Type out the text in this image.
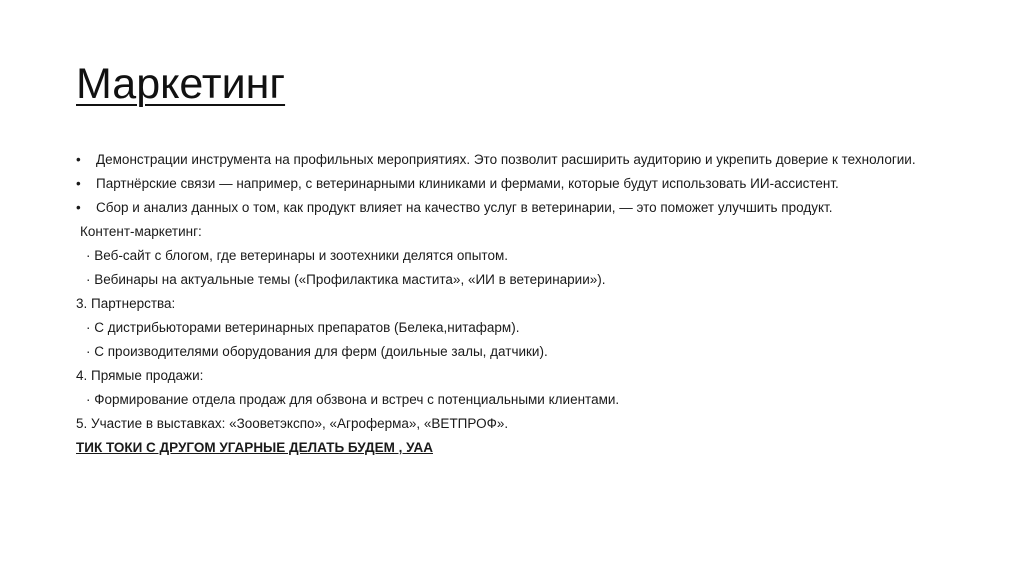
Маркетинг
• Демонстрации инструмента на профильных мероприятиях. Это позволит расширить аудиторию и укрепить доверие к технологии.
• Партнёрские связи — например, с ветеринарными клиниками и фермами, которые будут использовать ИИ-ассистент.
• Сбор и анализ данных о том, как продукт влияет на качество услуг в ветеринарии, — это поможет улучшить продукт.
Контент-маркетинг:
· Веб-сайт с блогом, где ветеринары и зоотехники делятся опытом.
· Вебинары на актуальные темы («Профилактика мастита», «ИИ в ветеринарии»).
3. Партнерства:
· С дистрибьюторами ветеринарных препаратов (Белека,нитафарм).
· С производителями оборудования для ферм (доильные залы, датчики).
4. Прямые продажи:
· Формирование отдела продаж для обзвона и встреч с потенциальными клиентами.
5. Участие в выставках: «Зооветэкспо», «Агроферма», «ВЕТПРОФ».
ТИК ТОКИ С ДРУГОМ УГАРНЫЕ ДЕЛАТЬ БУДЕМ , УАА
